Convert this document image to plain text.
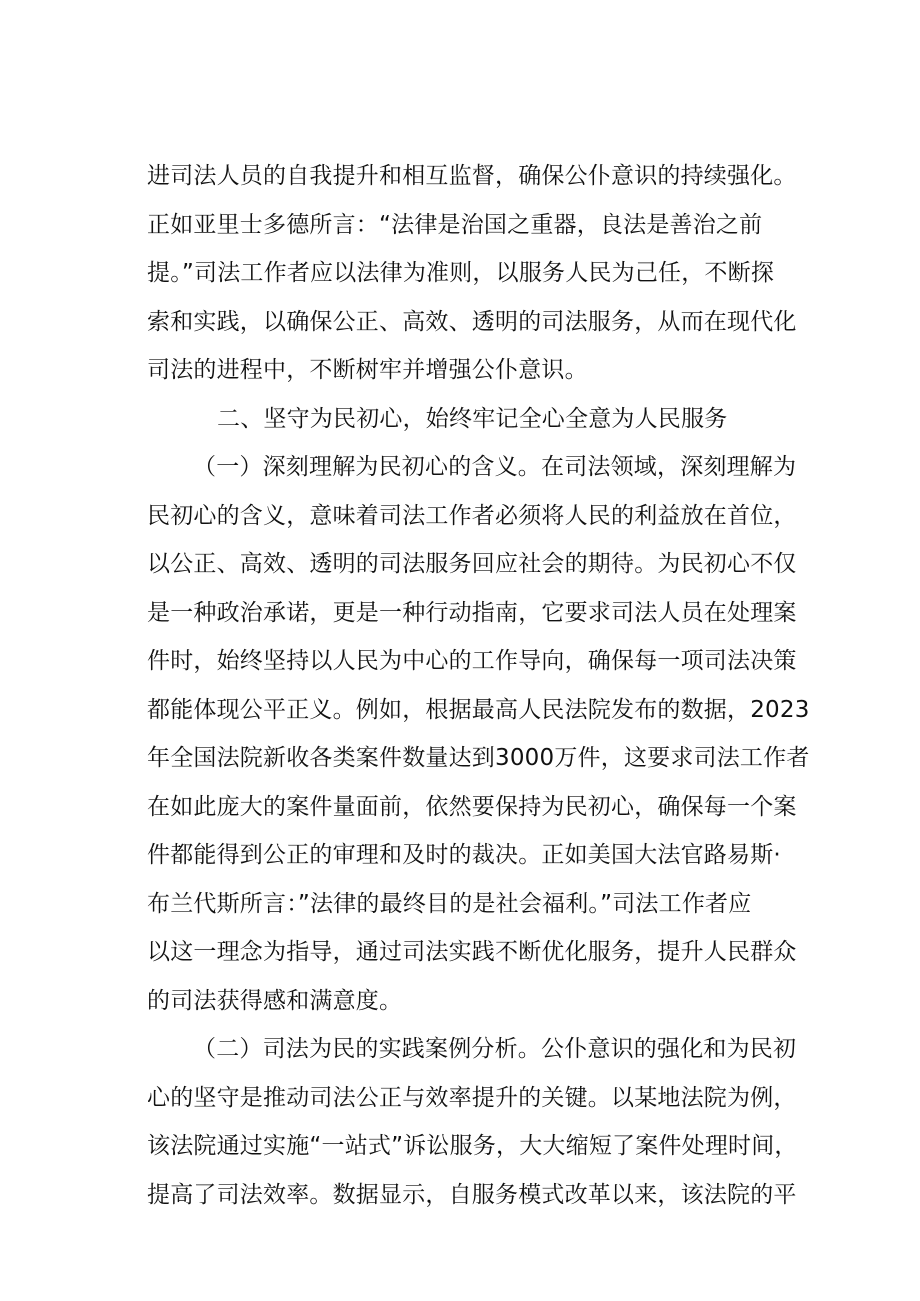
进司法人员的自我提升和相互监督，确保公仆意识的持续强化。
正如亚里士多德所言：“法律是治国之重器，良法是善治之前
提。”司法工作者应以法律为准则，以服务人民为己任，不断探
索和实践，以确保公正、高效、透明的司法服务，从而在现代化
司法的进程中，不断树牢并增强公仆意识。
二、坚守为民初心，始终牢记全心全意为人民服务
（一）深刻理解为民初心的含义。在司法领域，深刻理解为
民初心的含义，意味着司法工作者必须将人民的利益放在首位，
以公正、高效、透明的司法服务回应社会的期待。为民初心不仅
是一种政治承诺，更是一种行动指南，它要求司法人员在处理案
件时，始终坚持以人民为中心的工作导向，确保每一项司法决策
都能体现公平正义。例如，根据最高人民法院发布的数据，2023
年全国法院新收各类案件数量达到3000万件，这要求司法工作者
在如此庞大的案件量面前，依然要保持为民初心，确保每一个案
件都能得到公正的审理和及时的裁决。正如美国大法官路易斯·
布兰代斯所言：”法律的最终目的是社会福利。”司法工作者应
以这一理念为指导，通过司法实践不断优化服务，提升人民群众
的司法获得感和满意度。
（二）司法为民的实践案例分析。公仆意识的强化和为民初
心的坚守是推动司法公正与效率提升的关键。以某地法院为例，
该法院通过实施“一站式”诉讼服务，大大缩短了案件处理时间，
提高了司法效率。数据显示，自服务模式改革以来，该法院的平
